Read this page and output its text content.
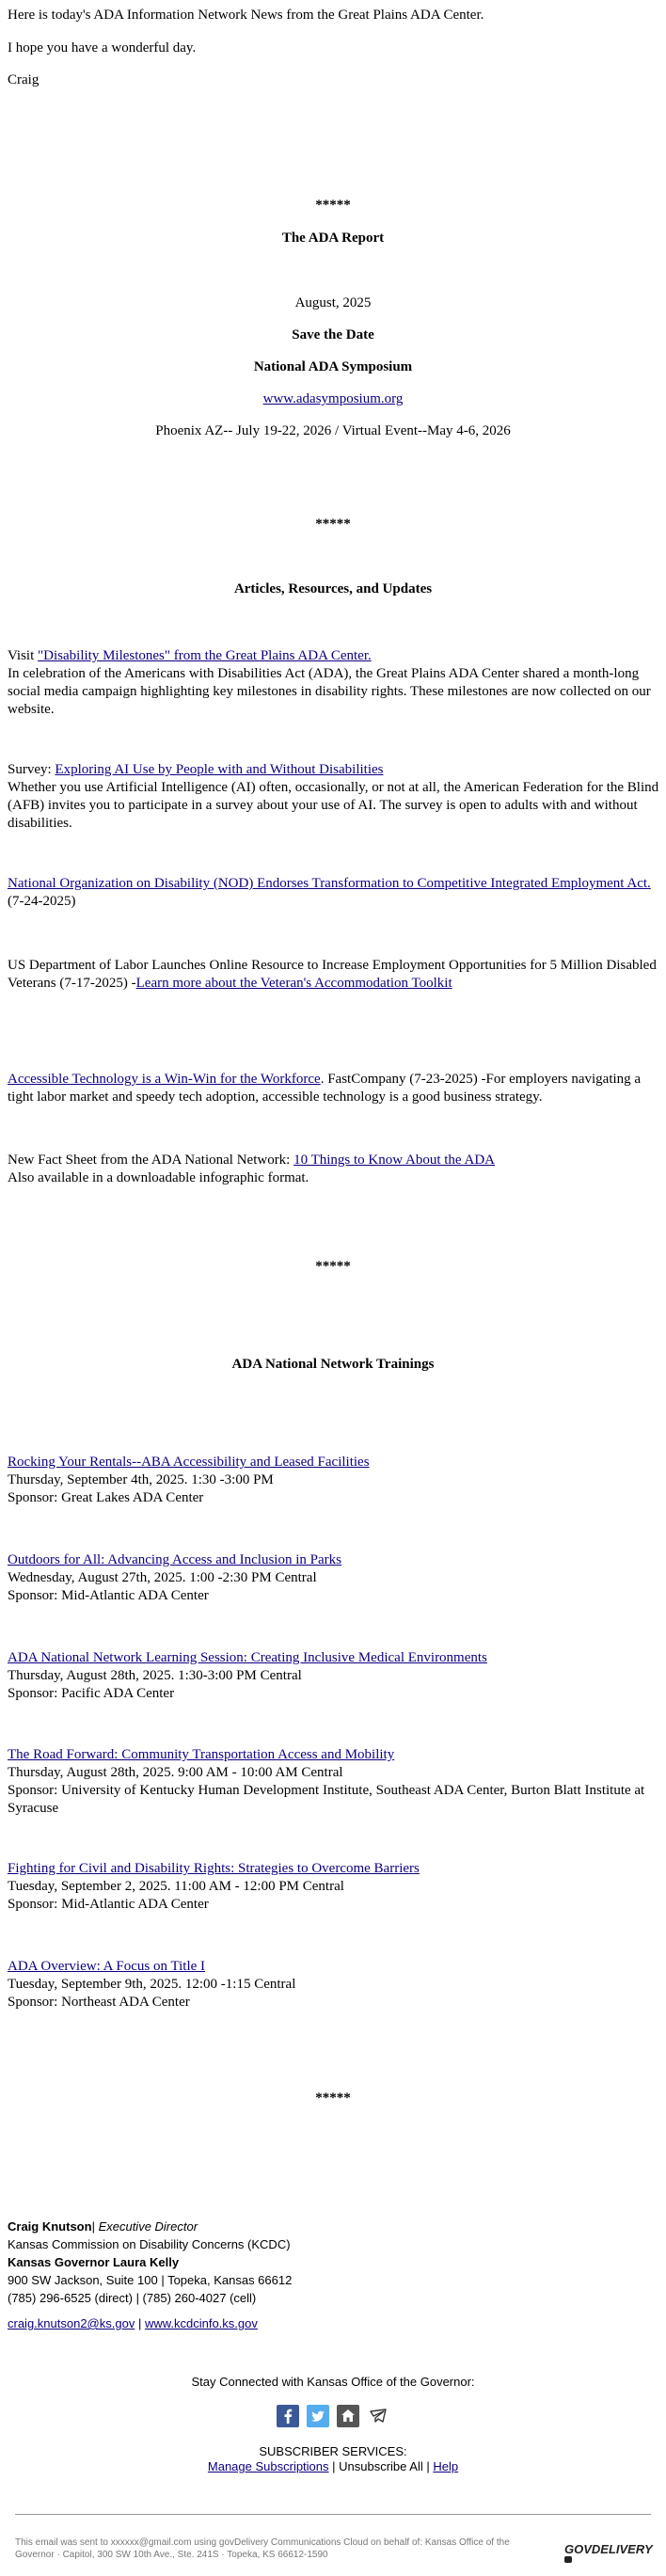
Here is today's ADA Information Network News from the Great Plains ADA Center.
I hope you have a wonderful day.
Craig
*****
The ADA Report
August, 2025
Save the Date
National ADA Symposium
www.adasymposium.org
Phoenix AZ-- July 19-22, 2026 / Virtual Event--May 4-6, 2026
*****
Articles, Resources, and Updates

Visit "Disability Milestones" from the Great Plains ADA Center.

In celebration of the Americans with Disabilities Act (ADA), the Great Plains ADA Center shared a month-long social media campaign highlighting key milestones in disability rights. These milestones are now collected on our website.

Survey: Exploring AI Use by People with and Without Disabilities

Whether you use Artificial Intelligence (AI) often, occasionally, or not at all, the American Federation for the Blind (AFB) invites you to participate in a survey about your use of AI. The survey is open to adults with and without disabilities.

National Organization on Disability (NOD) Endorses Transformation to Competitive Integrated Employment Act. (7-24-2025)

US Department of Labor Launches Online Resource to Increase Employment Opportunities for 5 Million Disabled Veterans (7-17-2025) -Learn more about the Veteran's Accommodation Toolkit

Accessible Technology is a Win-Win for the Workforce. FastCompany (7-23-2025) -For employers navigating a tight labor market and speedy tech adoption, accessible technology is a good business strategy.

New Fact Sheet from the ADA National Network: 10 Things to Know About the ADA

Also available in a downloadable infographic format.

*****
ADA National Network Trainings

Rocking Your Rentals--ABA Accessibility and Leased Facilities

Thursday, September 4th, 2025. 1:30 -3:00 PM

Sponsor: Great Lakes ADA Center

Outdoors for All: Advancing Access and Inclusion in Parks

Wednesday, August 27th, 2025. 1:00 -2:30 PM Central

Sponsor: Mid-Atlantic ADA Center

ADA National Network Learning Session: Creating Inclusive Medical Environments

Thursday, August 28th, 2025. 1:30-3:00 PM Central

Sponsor: Pacific ADA Center

The Road Forward: Community Transportation Access and Mobility

Thursday, August 28th, 2025. 9:00 AM - 10:00 AM Central

Sponsor: University of Kentucky Human Development Institute, Southeast ADA Center, Burton Blatt Institute at Syracuse

Fighting for Civil and Disability Rights: Strategies to Overcome Barriers

Tuesday, September 2, 2025. 11:00 AM - 12:00 PM Central

Sponsor: Mid-Atlantic ADA Center

ADA Overview: A Focus on Title I

Tuesday, September 9th, 2025. 12:00 -1:15 Central

Sponsor: Northeast ADA Center

*****
Craig Knutson| Executive Director
Kansas Commission on Disability Concerns (KCDC)
Kansas Governor Laura Kelly
900 SW Jackson, Suite 100 | Topeka, Kansas 66612
(785) 296-6525 (direct) | (785) 260-4027 (cell)
craig.knutson2@ks.gov | www.kcdcinfo.ks.gov
Stay Connected with Kansas Office of the Governor:

SUBSCRIBER SERVICES:
Manage Subscriptions | Unsubscribe All | Help
This email was sent to xxxxxx@gmail.com using govDelivery Communications Cloud on behalf of: Kansas Office of the Governor · Capitol, 300 SW 10th Ave., Ste. 241S · Topeka, KS 66612-1590	GOVDELIVERY
